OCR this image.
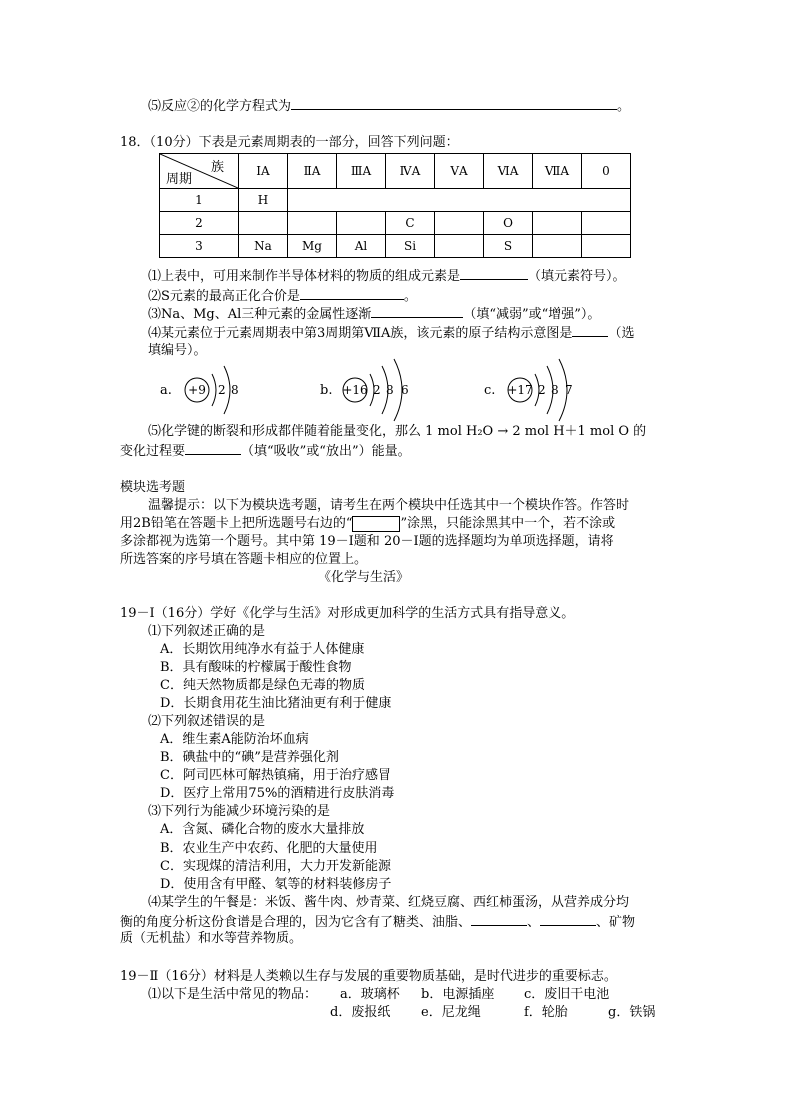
⑸反应②的化学方程式为	。
18．（10分）下表是元素周期表的一部分，回答下列问题：
族
周期	ⅠA	ⅡA	ⅢA	ⅣA	ⅤA	ⅥA	ⅦA	0
1	H							
2				C		O		
3	Na	Mg	Al	Si		S		
⑴上表中，可用来制作半导体材料的物质的组成元素是	（填元素符号）。
⑵S元素的最高正化合价是	。
⑶Na、Mg、Al三种元素的金属性逐渐	（填“减弱”或“增强”）。
⑷某元素位于元素周期表中第3周期第ⅦA族，该元素的原子结构示意图是	（选
填编号）。
a. +9 2 8	b. +16 2 8 6	c. +17 2 8 7
⑸化学键的断裂和形成都伴随着能量变化，那么 1 mol H₂O → 2 mol H＋1 mol O 的
变化过程要	（填“吸收”或“放出”）能量。
模块选考题
温馨提示：以下为模块选考题，请考生在两个模块中任选其中一个模块作答。作答时
用2B铅笔在答题卡上把所选题号右边的“	”涂黑，只能涂黑其中一个，若不涂或
多涂都视为选第一个题号。其中第 19－Ⅰ题和 20－Ⅰ题的选择题均为单项选择题，请将
所选答案的序号填在答题卡相应的位置上。
《化学与生活》
19－Ⅰ（16分）学好《化学与生活》对形成更加科学的生活方式具有指导意义。
⑴下列叙述正确的是
A．长期饮用纯净水有益于人体健康
B．具有酸味的柠檬属于酸性食物
C．纯天然物质都是绿色无毒的物质
D．长期食用花生油比猪油更有利于健康
⑵下列叙述错误的是
A．维生素A能防治坏血病
B．碘盐中的“碘”是营养强化剂
C．阿司匹林可解热镇痛，用于治疗感冒
D．医疗上常用75%的酒精进行皮肤消毒
⑶下列行为能减少环境污染的是
A．含氮、磷化合物的废水大量排放
B．农业生产中农药、化肥的大量使用
C．实现煤的清洁利用，大力开发新能源
D．使用含有甲醛、氡等的材料装修房子
⑷某学生的午餐是：米饭、酱牛肉、炒青菜、红烧豆腐、西红柿蛋汤，从营养成分均
衡的角度分析这份食谱是合理的，因为它含有了糖类、油脂、	、	、矿物
质（无机盐）和水等营养物质。
19－Ⅱ（16分）材料是人类赖以生存与发展的重要物质基础，是时代进步的重要标志。
⑴以下是生活中常见的物品： a．玻璃杯 b．电源插座 c．废旧干电池
d．废报纸 e．尼龙绳	f．轮胎	g．铁锅
